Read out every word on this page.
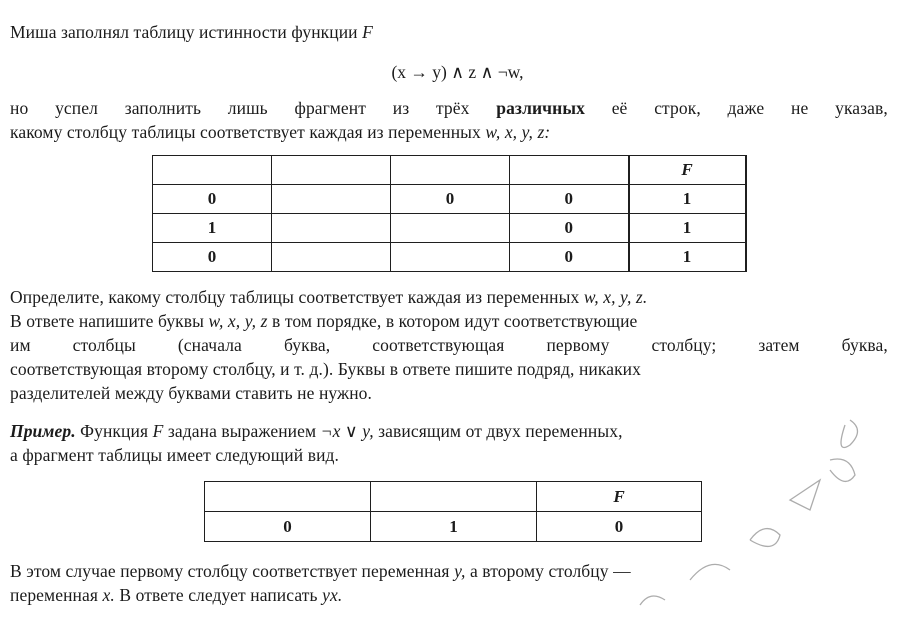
Миша заполнял таблицу истинности функции F
(x → y) ∧ z ∧ ¬w,
но успел заполнить лишь фрагмент из трёх различных её строк, даже не указав,
какому столбцу таблицы соответствует каждая из переменных w, x, y, z:
				F
0		0	0	1
1			0	1
0			0	1
Определите, какому столбцу таблицы соответствует каждая из переменных w, x, y, z.
В ответе напишите буквы w, x, y, z в том порядке, в котором идут соответствующие
им столбцы (сначала буква, соответствующая первому столбцу; затем буква,
соответствующая второму столбцу, и т. д.). Буквы в ответе пишите подряд, никаких
разделителей между буквами ставить не нужно.
Пример. Функция F задана выражением ¬x ∨ y, зависящим от двух переменных,
а фрагмент таблицы имеет следующий вид.
		F
0	1	0
В этом случае первому столбцу соответствует переменная y, а второму столбцу —
переменная x. В ответе следует написать yx.
